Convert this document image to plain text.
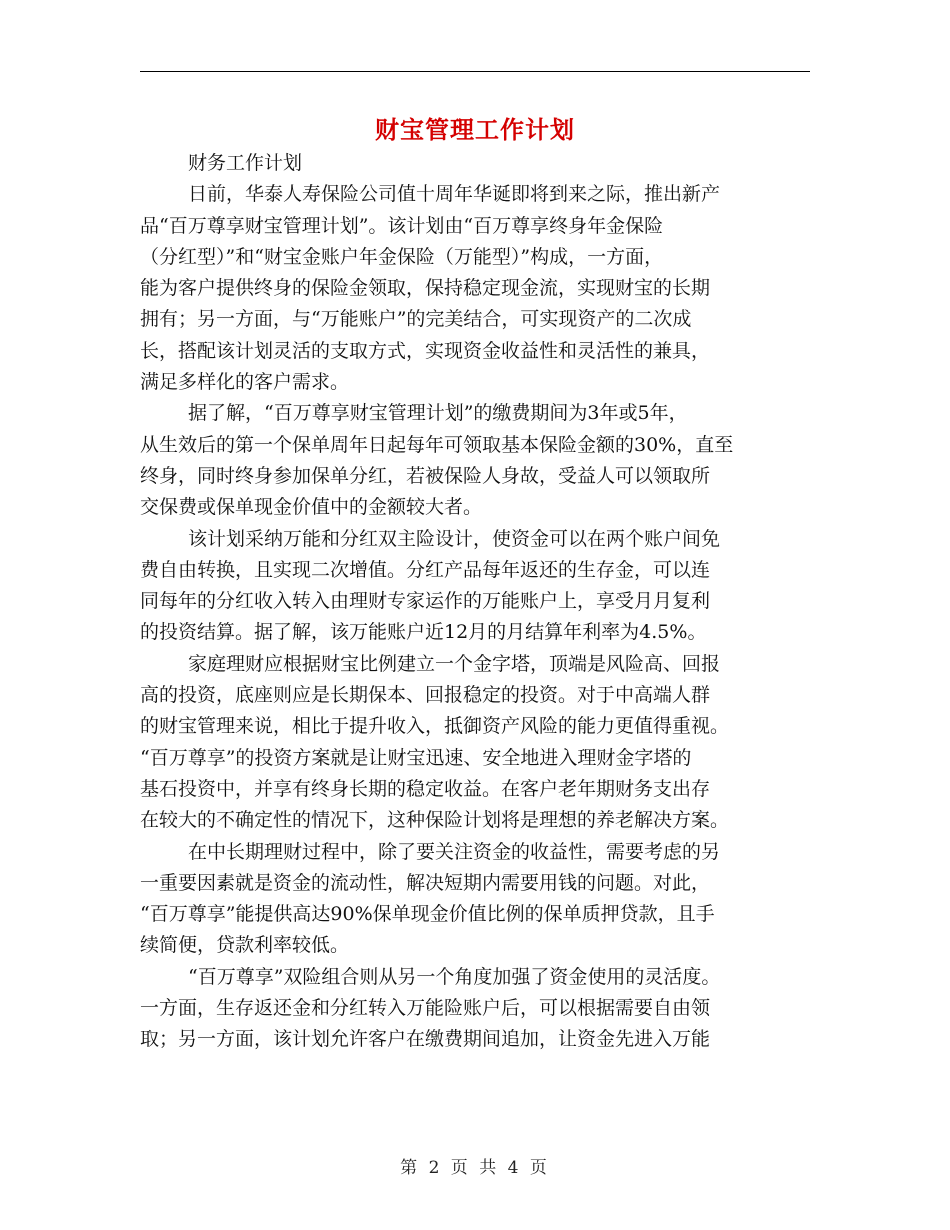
财宝管理工作计划
财务工作计划
日前，华泰人寿保险公司值十周年华诞即将到来之际，推出新产
品“百万尊享财宝管理计划”。该计划由“百万尊享终身年金保险
（分红型）”和“财宝金账户年金保险（万能型）”构成，一方面，
能为客户提供终身的保险金领取，保持稳定现金流，实现财宝的长期
拥有；另一方面，与“万能账户”的完美结合，可实现资产的二次成
长，搭配该计划灵活的支取方式，实现资金收益性和灵活性的兼具，
满足多样化的客户需求。
据了解，“百万尊享财宝管理计划”的缴费期间为3年或5年，
从生效后的第一个保单周年日起每年可领取基本保险金额的30%，直至
终身，同时终身参加保单分红，若被保险人身故，受益人可以领取所
交保费或保单现金价值中的金额较大者。
该计划采纳万能和分红双主险设计，使资金可以在两个账户间免
费自由转换，且实现二次增值。分红产品每年返还的生存金，可以连
同每年的分红收入转入由理财专家运作的万能账户上，享受月月复利
的投资结算。据了解，该万能账户近12月的月结算年利率为4.5%。
家庭理财应根据财宝比例建立一个金字塔，顶端是风险高、回报
高的投资，底座则应是长期保本、回报稳定的投资。对于中高端人群
的财宝管理来说，相比于提升收入，抵御资产风险的能力更值得重视。
“百万尊享”的投资方案就是让财宝迅速、安全地进入理财金字塔的
基石投资中，并享有终身长期的稳定收益。在客户老年期财务支出存
在较大的不确定性的情况下，这种保险计划将是理想的养老解决方案。
在中长期理财过程中，除了要关注资金的收益性，需要考虑的另
一重要因素就是资金的流动性，解决短期内需要用钱的问题。对此，
“百万尊享”能提供高达90%保单现金价值比例的保单质押贷款，且手
续简便，贷款利率较低。
“百万尊享”双险组合则从另一个角度加强了资金使用的灵活度。
一方面，生存返还金和分红转入万能险账户后，可以根据需要自由领
取；另一方面，该计划允许客户在缴费期间追加，让资金先进入万能
第 2 页 共 4 页
